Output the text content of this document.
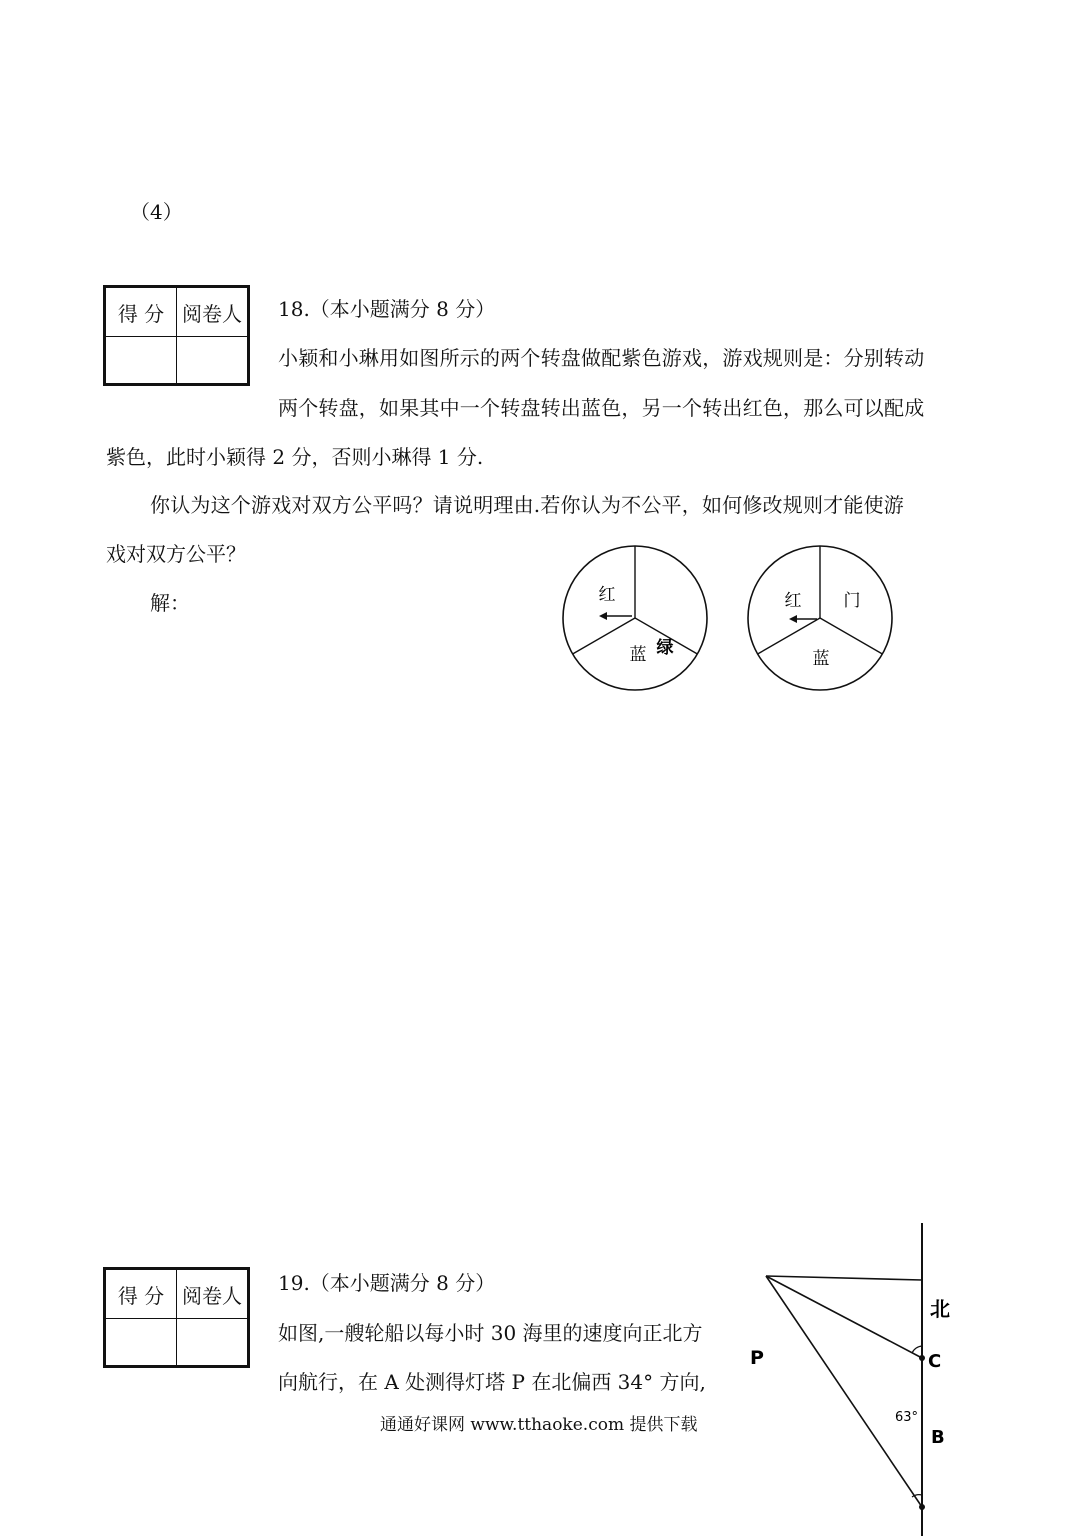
（4）
得 分	阅卷人
	18.（本小题满分 8 分）
小颖和小琳用如图所示的两个转盘做配紫色游戏，游戏规则是：分别转动
两个转盘，如果其中一个转盘转出蓝色，另一个转出红色，那么可以配成
紫色，此时小颖得 2 分，否则小琳得 1 分.
你认为这个游戏对双方公平吗？请说明理由.若你认为不公平，如何修改规则才能使游
戏对双方公平？
解：	红
蓝 绿
红 门
蓝
得 分	阅卷人

19.（本小题满分 8 分）
如图,一艘轮船以每小时 30 海里的速度向正北方
向航行，在 A 处测得灯塔 P 在北偏西 34° 方向,
北
P	C
63°
B
通通好课网 www.tthaoke.com 提供下载
